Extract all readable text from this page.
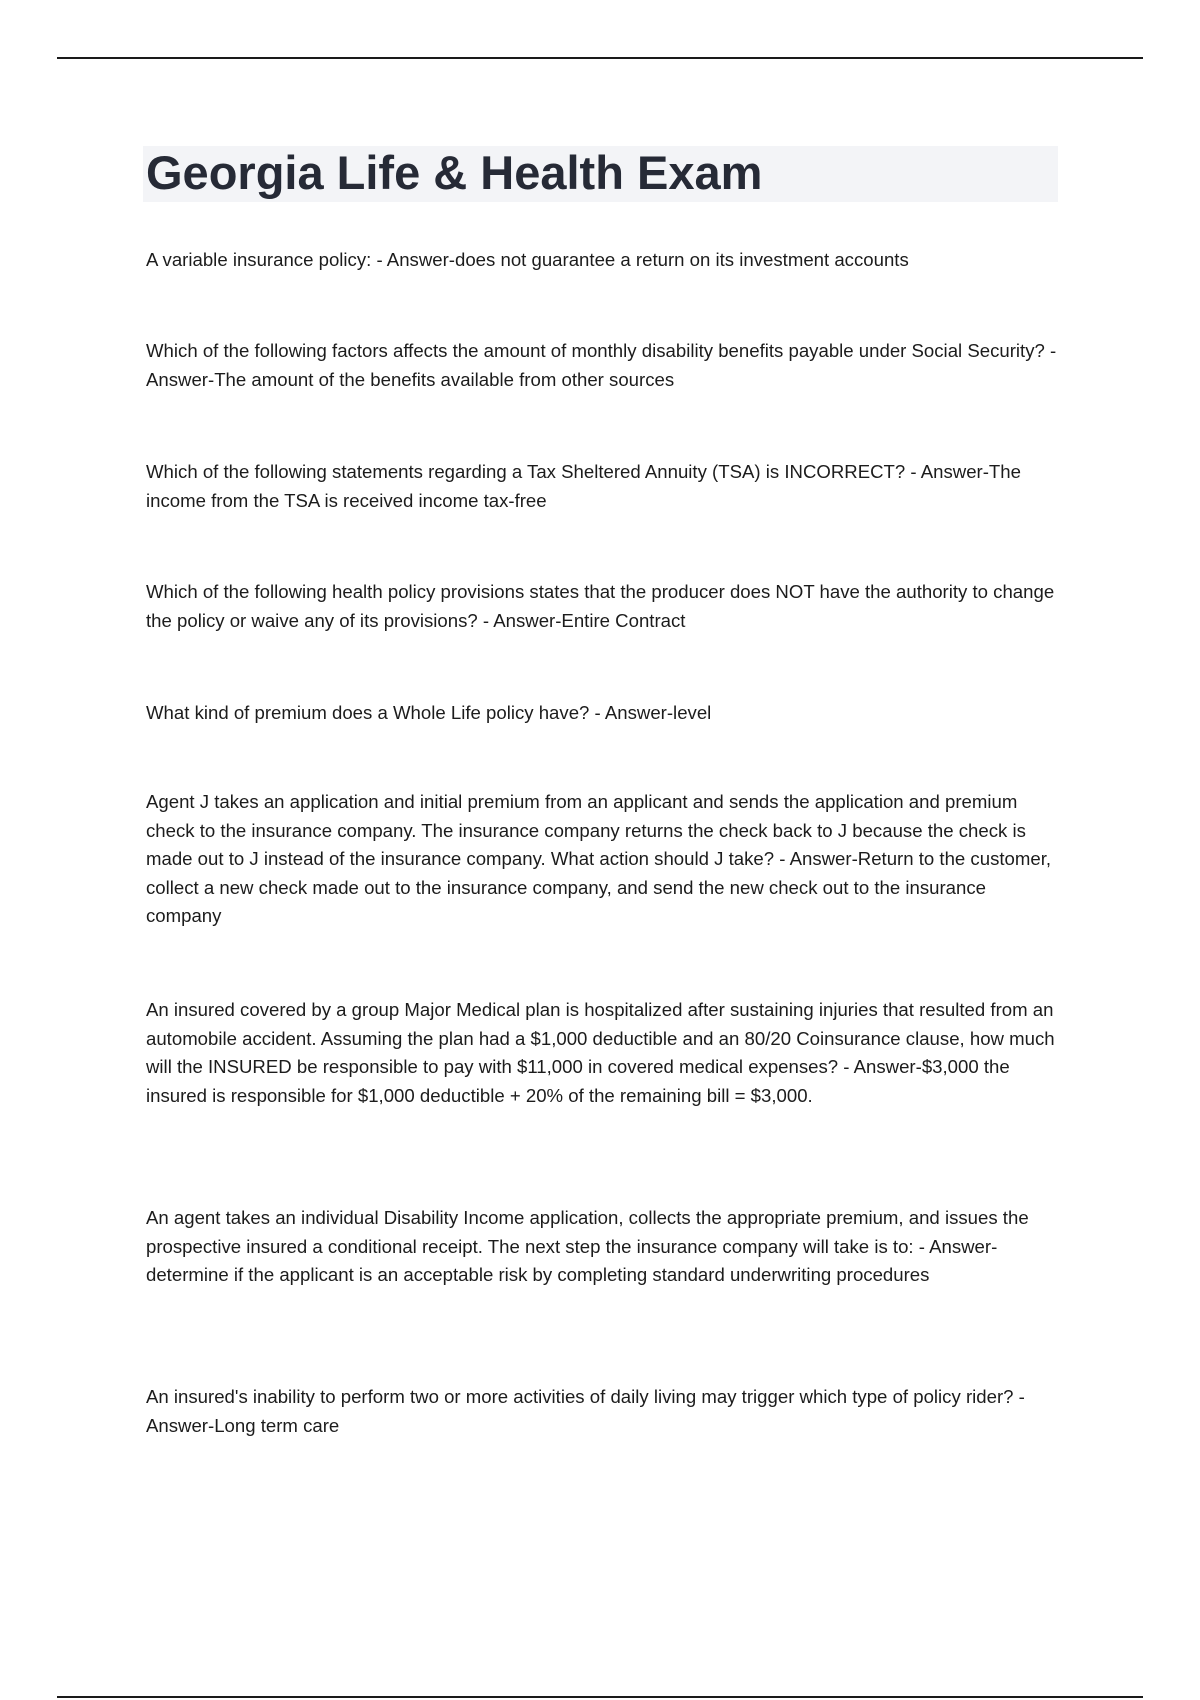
Georgia Life & Health Exam

A variable insurance policy: - Answer-does not guarantee a return on its investment accounts

Which of the following factors affects the amount of monthly disability benefits payable under Social Security? - Answer-The amount of the benefits available from other sources

Which of the following statements regarding a Tax Sheltered Annuity (TSA) is INCORRECT? - Answer-The income from the TSA is received income tax-free

Which of the following health policy provisions states that the producer does NOT have the authority to change the policy or waive any of its provisions? - Answer-Entire Contract

What kind of premium does a Whole Life policy have? - Answer-level

Agent J takes an application and initial premium from an applicant and sends the application and premium check to the insurance company. The insurance company returns the check back to J because the check is made out to J instead of the insurance company. What action should J take? - Answer-Return to the customer, collect a new check made out to the insurance company, and send the new check out to the insurance company

An insured covered by a group Major Medical plan is hospitalized after sustaining injuries that resulted from an automobile accident. Assuming the plan had a $1,000 deductible and an 80/20 Coinsurance clause, how much will the INSURED be responsible to pay with $11,000 in covered medical expenses? - Answer-$3,000 the insured is responsible for $1,000 deductible + 20% of the remaining bill = $3,000.

An agent takes an individual Disability Income application, collects the appropriate premium, and issues the prospective insured a conditional receipt. The next step the insurance company will take is to: - Answer-determine if the applicant is an acceptable risk by completing standard underwriting procedures

An insured's inability to perform two or more activities of daily living may trigger which type of policy rider? - Answer-Long term care
